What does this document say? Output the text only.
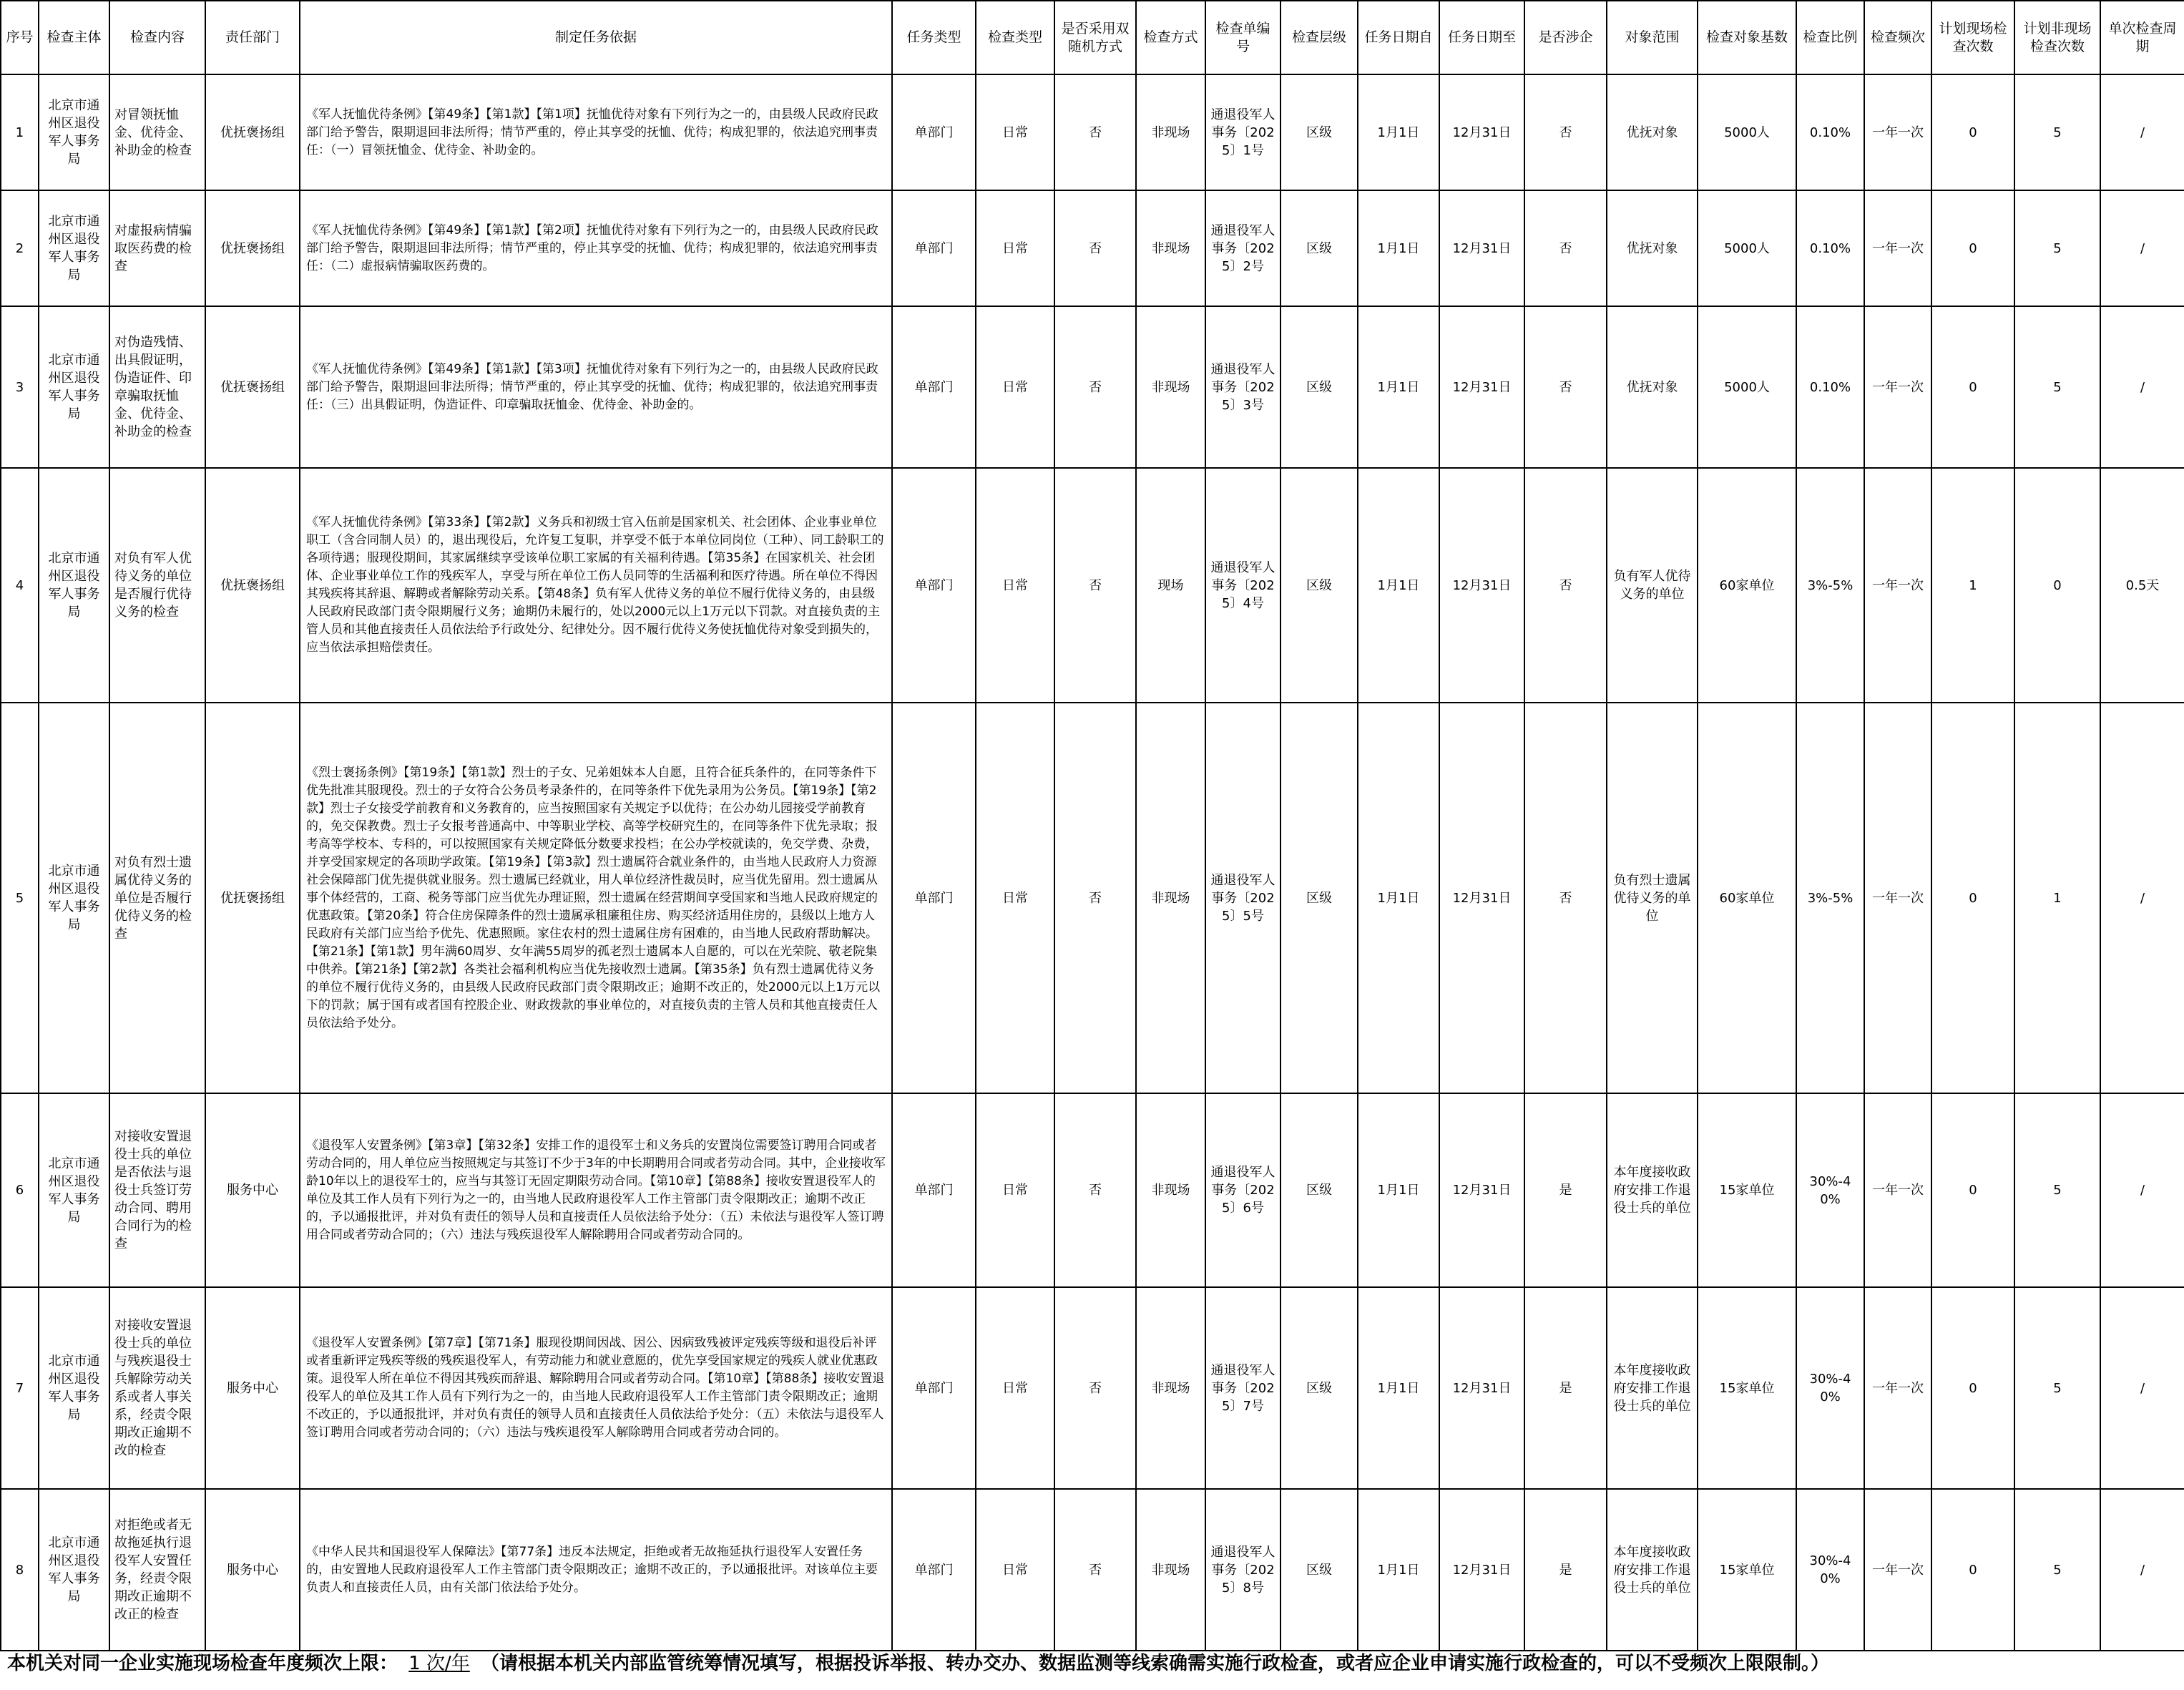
序号	检查主体	检查内容	责任部门	制定任务依据	任务类型	检查类型	是否采用双随机方式	检查方式	检查单编号	检查层级	任务日期自	任务日期至	是否涉企	对象范围	检查对象基数	检查比例	检查频次	计划现场检查次数	计划非现场检查次数	单次检查周期
1	北京市通州区退役军人事务局	对冒领抚恤金、优待金、补助金的检查	优抚褒扬组	《军人抚恤优待条例》【第49条】【第1款】【第1项】抚恤优待对象有下列行为之一的，由县级人民政府民政部门给予警告，限期退回非法所得；情节严重的，停止其享受的抚恤、优待；构成犯罪的，依法追究刑事责任：（一）冒领抚恤金、优待金、补助金的。	单部门	日常	否	非现场	通退役军人事务〔2025〕1号	区级	1月1日	12月31日	否	优抚对象	5000人	0.10%	一年一次	0	5	/
2	北京市通州区退役军人事务局	对虚报病情骗取医药费的检查	优抚褒扬组	《军人抚恤优待条例》【第49条】【第1款】【第2项】抚恤优待对象有下列行为之一的，由县级人民政府民政部门给予警告，限期退回非法所得；情节严重的，停止其享受的抚恤、优待；构成犯罪的，依法追究刑事责任：（二）虚报病情骗取医药费的。	单部门	日常	否	非现场	通退役军人事务〔2025〕2号	区级	1月1日	12月31日	否	优抚对象	5000人	0.10%	一年一次	0	5	/
3	北京市通州区退役军人事务局	对伪造残情、出具假证明，伪造证件、印章骗取抚恤金、优待金、补助金的检查	优抚褒扬组	《军人抚恤优待条例》【第49条】【第1款】【第3项】抚恤优待对象有下列行为之一的，由县级人民政府民政部门给予警告，限期退回非法所得；情节严重的，停止其享受的抚恤、优待；构成犯罪的，依法追究刑事责任：（三）出具假证明，伪造证件、印章骗取抚恤金、优待金、补助金的。	单部门	日常	否	非现场	通退役军人事务〔2025〕3号	区级	1月1日	12月31日	否	优抚对象	5000人	0.10%	一年一次	0	5	/
4	北京市通州区退役军人事务局	对负有军人优待义务的单位是否履行优待义务的检查	优抚褒扬组	《军人抚恤优待条例》【第33条】【第2款】义务兵和初级士官入伍前是国家机关、社会团体、企业事业单位职工（含合同制人员）的，退出现役后，允许复工复职，并享受不低于本单位同岗位（工种）、同工龄职工的各项待遇；服现役期间，其家属继续享受该单位职工家属的有关福利待遇。【第35条】在国家机关、社会团体、企业事业单位工作的残疾军人，享受与所在单位工伤人员同等的生活福利和医疗待遇。所在单位不得因其残疾将其辞退、解聘或者解除劳动关系。【第48条】负有军人优待义务的单位不履行优待义务的，由县级人民政府民政部门责令限期履行义务；逾期仍未履行的，处以2000元以上1万元以下罚款。对直接负责的主管人员和其他直接责任人员依法给予行政处分、纪律处分。因不履行优待义务使抚恤优待对象受到损失的，应当依法承担赔偿责任。	单部门	日常	否	现场	通退役军人事务〔2025〕4号	区级	1月1日	12月31日	否	负有军人优待义务的单位	60家单位	3%-5%	一年一次	1	0	0.5天
5	北京市通州区退役军人事务局	对负有烈士遗属优待义务的单位是否履行优待义务的检查	优抚褒扬组	《烈士褒扬条例》【第19条】【第1款】烈士的子女、兄弟姐妹本人自愿，且符合征兵条件的，在同等条件下优先批准其服现役。烈士的子女符合公务员考录条件的，在同等条件下优先录用为公务员。【第19条】【第2款】烈士子女接受学前教育和义务教育的，应当按照国家有关规定予以优待；在公办幼儿园接受学前教育的，免交保教费。烈士子女报考普通高中、中等职业学校、高等学校研究生的，在同等条件下优先录取；报考高等学校本、专科的，可以按照国家有关规定降低分数要求投档；在公办学校就读的，免交学费、杂费，并享受国家规定的各项助学政策。【第19条】【第3款】烈士遗属符合就业条件的，由当地人民政府人力资源社会保障部门优先提供就业服务。烈士遗属已经就业，用人单位经济性裁员时，应当优先留用。烈士遗属从事个体经营的，工商、税务等部门应当优先办理证照，烈士遗属在经营期间享受国家和当地人民政府规定的优惠政策。【第20条】符合住房保障条件的烈士遗属承租廉租住房、购买经济适用住房的，县级以上地方人民政府有关部门应当给予优先、优惠照顾。家住农村的烈士遗属住房有困难的，由当地人民政府帮助解决。【第21条】【第1款】男年满60周岁、女年满55周岁的孤老烈士遗属本人自愿的，可以在光荣院、敬老院集中供养。【第21条】【第2款】各类社会福利机构应当优先接收烈士遗属。【第35条】负有烈士遗属优待义务的单位不履行优待义务的，由县级人民政府民政部门责令限期改正；逾期不改正的，处2000元以上1万元以下的罚款；属于国有或者国有控股企业、财政拨款的事业单位的，对直接负责的主管人员和其他直接责任人员依法给予处分。	单部门	日常	否	非现场	通退役军人事务〔2025〕5号	区级	1月1日	12月31日	否	负有烈士遗属优待义务的单位	60家单位	3%-5%	一年一次	0	1	/
6	北京市通州区退役军人事务局	对接收安置退役士兵的单位是否依法与退役士兵签订劳动合同、聘用合同行为的检查	服务中心	《退役军人安置条例》【第3章】【第32条】安排工作的退役军士和义务兵的安置岗位需要签订聘用合同或者劳动合同的，用人单位应当按照规定与其签订不少于3年的中长期聘用合同或者劳动合同。其中，企业接收军龄10年以上的退役军士的，应当与其签订无固定期限劳动合同。【第10章】【第88条】接收安置退役军人的单位及其工作人员有下列行为之一的，由当地人民政府退役军人工作主管部门责令限期改正；逾期不改正的，予以通报批评，并对负有责任的领导人员和直接责任人员依法给予处分：（五）未依法与退役军人签订聘用合同或者劳动合同的；（六）违法与残疾退役军人解除聘用合同或者劳动合同的。	单部门	日常	否	非现场	通退役军人事务〔2025〕6号	区级	1月1日	12月31日	是	本年度接收政府安排工作退役士兵的单位	15家单位	30%-40%	一年一次	0	5	/
7	北京市通州区退役军人事务局	对接收安置退役士兵的单位与残疾退役士兵解除劳动关系或者人事关系，经责令限期改正逾期不改的检查	服务中心	《退役军人安置条例》【第7章】【第71条】服现役期间因战、因公、因病致残被评定残疾等级和退役后补评或者重新评定残疾等级的残疾退役军人，有劳动能力和就业意愿的，优先享受国家规定的残疾人就业优惠政策。退役军人所在单位不得因其残疾而辞退、解除聘用合同或者劳动合同。【第10章】【第88条】接收安置退役军人的单位及其工作人员有下列行为之一的，由当地人民政府退役军人工作主管部门责令限期改正；逾期不改正的，予以通报批评，并对负有责任的领导人员和直接责任人员依法给予处分：（五）未依法与退役军人签订聘用合同或者劳动合同的；（六）违法与残疾退役军人解除聘用合同或者劳动合同的。	单部门	日常	否	非现场	通退役军人事务〔2025〕7号	区级	1月1日	12月31日	是	本年度接收政府安排工作退役士兵的单位	15家单位	30%-40%	一年一次	0	5	/
8	北京市通州区退役军人事务局	对拒绝或者无故拖延执行退役军人安置任务，经责令限期改正逾期不改正的检查	服务中心	《中华人民共和国退役军人保障法》【第77条】违反本法规定，拒绝或者无故拖延执行退役军人安置任务的，由安置地人民政府退役军人工作主管部门责令限期改正；逾期不改正的，予以通报批评。对该单位主要负责人和直接责任人员，由有关部门依法给予处分。	单部门	日常	否	非现场	通退役军人事务〔2025〕8号	区级	1月1日	12月31日	是	本年度接收政府安排工作退役士兵的单位	15家单位	30%-40%	一年一次	0	5	/
本机关对同一企业实施现场检查年度频次上限： 1 次/年 （请根据本机关内部监管统筹情况填写，根据投诉举报、转办交办、数据监测等线索确需实施行政检查，或者应企业申请实施行政检查的，可以不受频次上限限制。）
